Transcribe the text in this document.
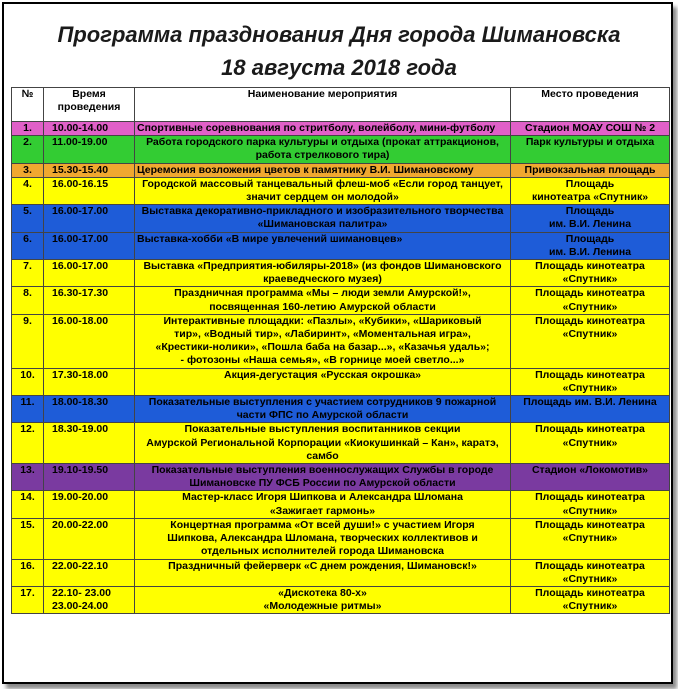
Программа празднования Дня города Шимановска
18 августа 2018 года
№	Время
проведения	Наименование мероприятия	Место проведения
1.	10.00-14.00	Спортивные соревнования по стритболу, волейболу, мини-футболу	Стадион МОАУ СОШ № 2

2.	11.00-19.00	Работа городского парка культуры и отдыха (прокат аттракционов,
работа стрелкового тира)	Парк культуры и отдыха

3.	15.30-15.40	Церемония возложения цветов к памятнику В.И. Шимановскому	Привокзальная площадь

4.	16.00-16.15	Городской массовый танцевальный флеш-моб «Если город танцует,
значит сердцем он молодой»	Площадь
кинотеатра «Спутник»

5.	16.00-17.00	Выставка декоративно-прикладного и изобразительного творчества
«Шимановская палитра»	Площадь
им. В.И. Ленина

6.	16.00-17.00	Выставка-хобби «В мире увлечений шимановцев»	Площадь
им. В.И. Ленина

7.	16.00-17.00	Выставка «Предприятия-юбиляры-2018» (из фондов Шимановского
краеведческого музея)	Площадь кинотеатра
«Спутник»

8.	16.30-17.30	Праздничная программа «Мы – люди земли Амурской!»,
посвященная 160-летию Амурской области	Площадь кинотеатра
«Спутник»

9.	16.00-18.00	Интерактивные площадки: «Пазлы», «Кубики», «Шариковый
тир», «Водный тир», «Лабиринт», «Моментальная игра»,
«Крестики-нолики», «Пошла баба на базар...», «Казачья удаль»;
- фотозоны «Наша семья», «В горнице моей светло...»	Площадь кинотеатра
«Спутник»

10.	17.30-18.00	Акция-дегустация «Русская окрошка»	Площадь кинотеатра
«Спутник»

11.	18.00-18.30	Показательные выступления с участием сотрудников 9 пожарной
части ФПС по Амурской области	Площадь им. В.И. Ленина

12.	18.30-19.00	Показательные выступления воспитанников секции
Амурской Региональной Корпорации «Киокушинкай – Кан», каратэ,
самбо	Площадь кинотеатра
«Спутник»

13.	19.10-19.50	Показательные выступления военнослужащих Службы в городе
Шимановске ПУ ФСБ России по Амурской области	Стадион «Локомотив»

14.	19.00-20.00	Мастер-класс Игоря Шипкова и Александра Шломана
«Зажигает гармонь»	Площадь кинотеатра
«Спутник»

15.	20.00-22.00	Концертная программа «От всей души!» с участием Игоря
Шипкова, Александра Шломана, творческих коллективов и
отдельных исполнителей города Шимановска	Площадь кинотеатра
«Спутник»

16.	22.00-22.10	Праздничный фейерверк «С днем рождения, Шимановск!»	Площадь кинотеатра
«Спутник»

17.	22.10- 23.00
23.00-24.00	«Дискотека 80-х»
«Молодежные ритмы»	Площадь кинотеатра
«Спутник»
